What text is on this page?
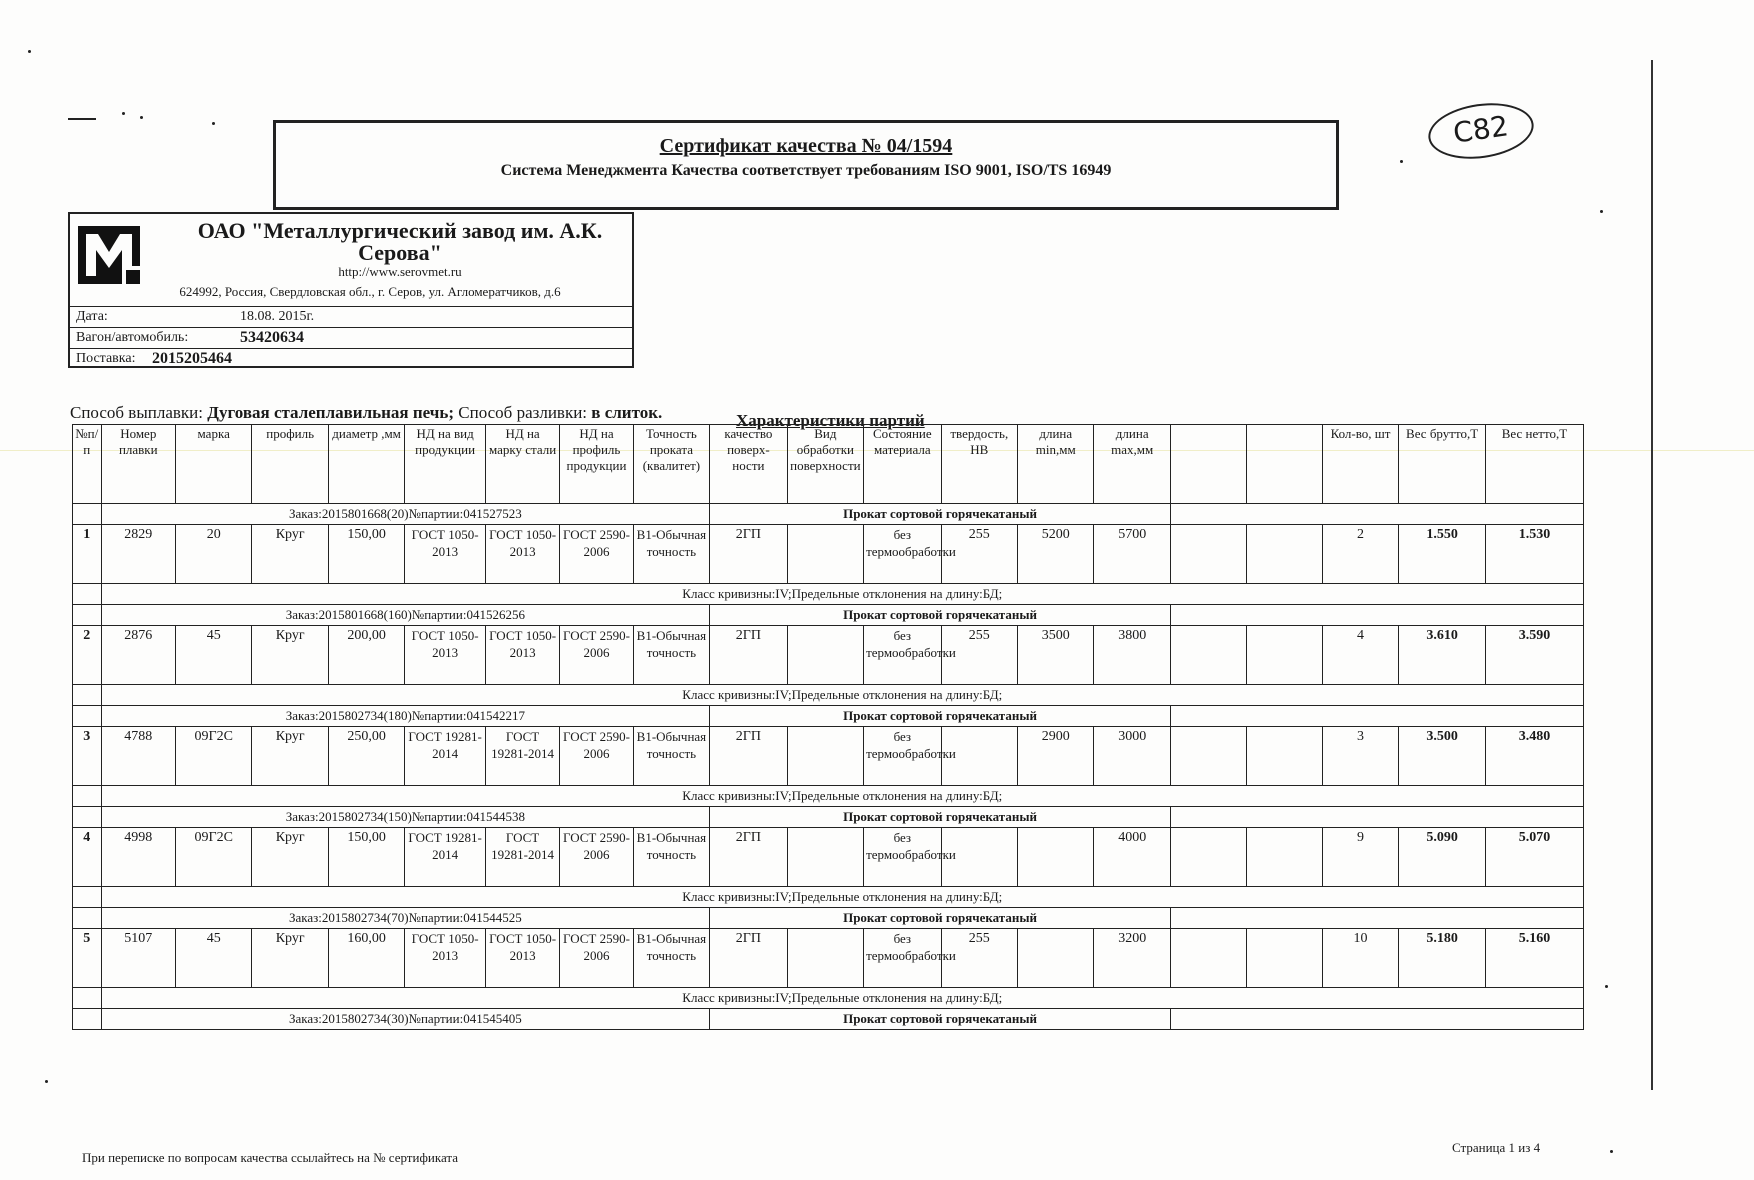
Сертификат качества № 04/1594
Система Менеджмента Качества соответствует требованиям ISO 9001, ISO/TS 16949
С82
ОАО "Металлургический завод им. А.К. Серова"
http://www.serovmet.ru
624992, Россия, Свердловская обл., г. Серов, ул. Агломератчиков, д.6
Дата:	18.08. 2015г.
Вагон/автомобиль:	53420634
Поставка: 2015205464
Способ выплавки: Дуговая сталеплавильная печь; Способ разливки: в слиток.	Характеристики партий
№п/п	Номер плавки	марка	профиль	диаметр ,мм	НД на вид продукции	НД на марку стали	НД на профиль продукции	Точность проката (квалитет)	качество поверх-ности	Вид обработки поверхности	Состояние материала	твердость, НВ	длина min,мм	длина max,мм			Кол-во, шт	Вес брутто,Т	Вес нетто,Т
	Заказ:2015801668(20)№партии:041527523								Прокат сортовой горячекатаный										
1	2829	20	Круг	150,00	ГОСТ 1050-2013	ГОСТ 1050-2013	ГОСТ 2590-2006	В1-Обычная точность	2ГП		без термообработки	255	5200	5700			2	1.550	1.530
	Класс кривизны:IV;Предельные отклонения на длину:БД;																		
	Заказ:2015801668(160)№партии:041526256								Прокат сортовой горячекатаный										
2	2876	45	Круг	200,00	ГОСТ 1050-2013	ГОСТ 1050-2013	ГОСТ 2590-2006	В1-Обычная точность	2ГП		без термообработки	255	3500	3800			4	3.610	3.590
	Класс кривизны:IV;Предельные отклонения на длину:БД;																		
	Заказ:2015802734(180)№партии:041542217								Прокат сортовой горячекатаный										
3	4788	09Г2С	Круг	250,00	ГОСТ 19281-2014	ГОСТ 19281-2014	ГОСТ 2590-2006	В1-Обычная точность	2ГП		без термообработки		2900	3000			3	3.500	3.480
	Класс кривизны:IV;Предельные отклонения на длину:БД;																		
	Заказ:2015802734(150)№партии:041544538								Прокат сортовой горячекатаный										
4	4998	09Г2С	Круг	150,00	ГОСТ 19281-2014	ГОСТ 19281-2014	ГОСТ 2590-2006	В1-Обычная точность	2ГП		без термообработки			4000			9	5.090	5.070
	Класс кривизны:IV;Предельные отклонения на длину:БД;																		
	Заказ:2015802734(70)№партии:041544525								Прокат сортовой горячекатаный										
5	5107	45	Круг	160,00	ГОСТ 1050-2013	ГОСТ 1050-2013	ГОСТ 2590-2006	В1-Обычная точность	2ГП		без термообработки	255		3200			10	5.180	5.160
	Класс кривизны:IV;Предельные отклонения на длину:БД;																		
	Заказ:2015802734(30)№партии:041545405								Прокат сортовой горячекатаный										
При переписке по вопросам качества ссылайтесь на № сертификата
Страница 1 из 4
